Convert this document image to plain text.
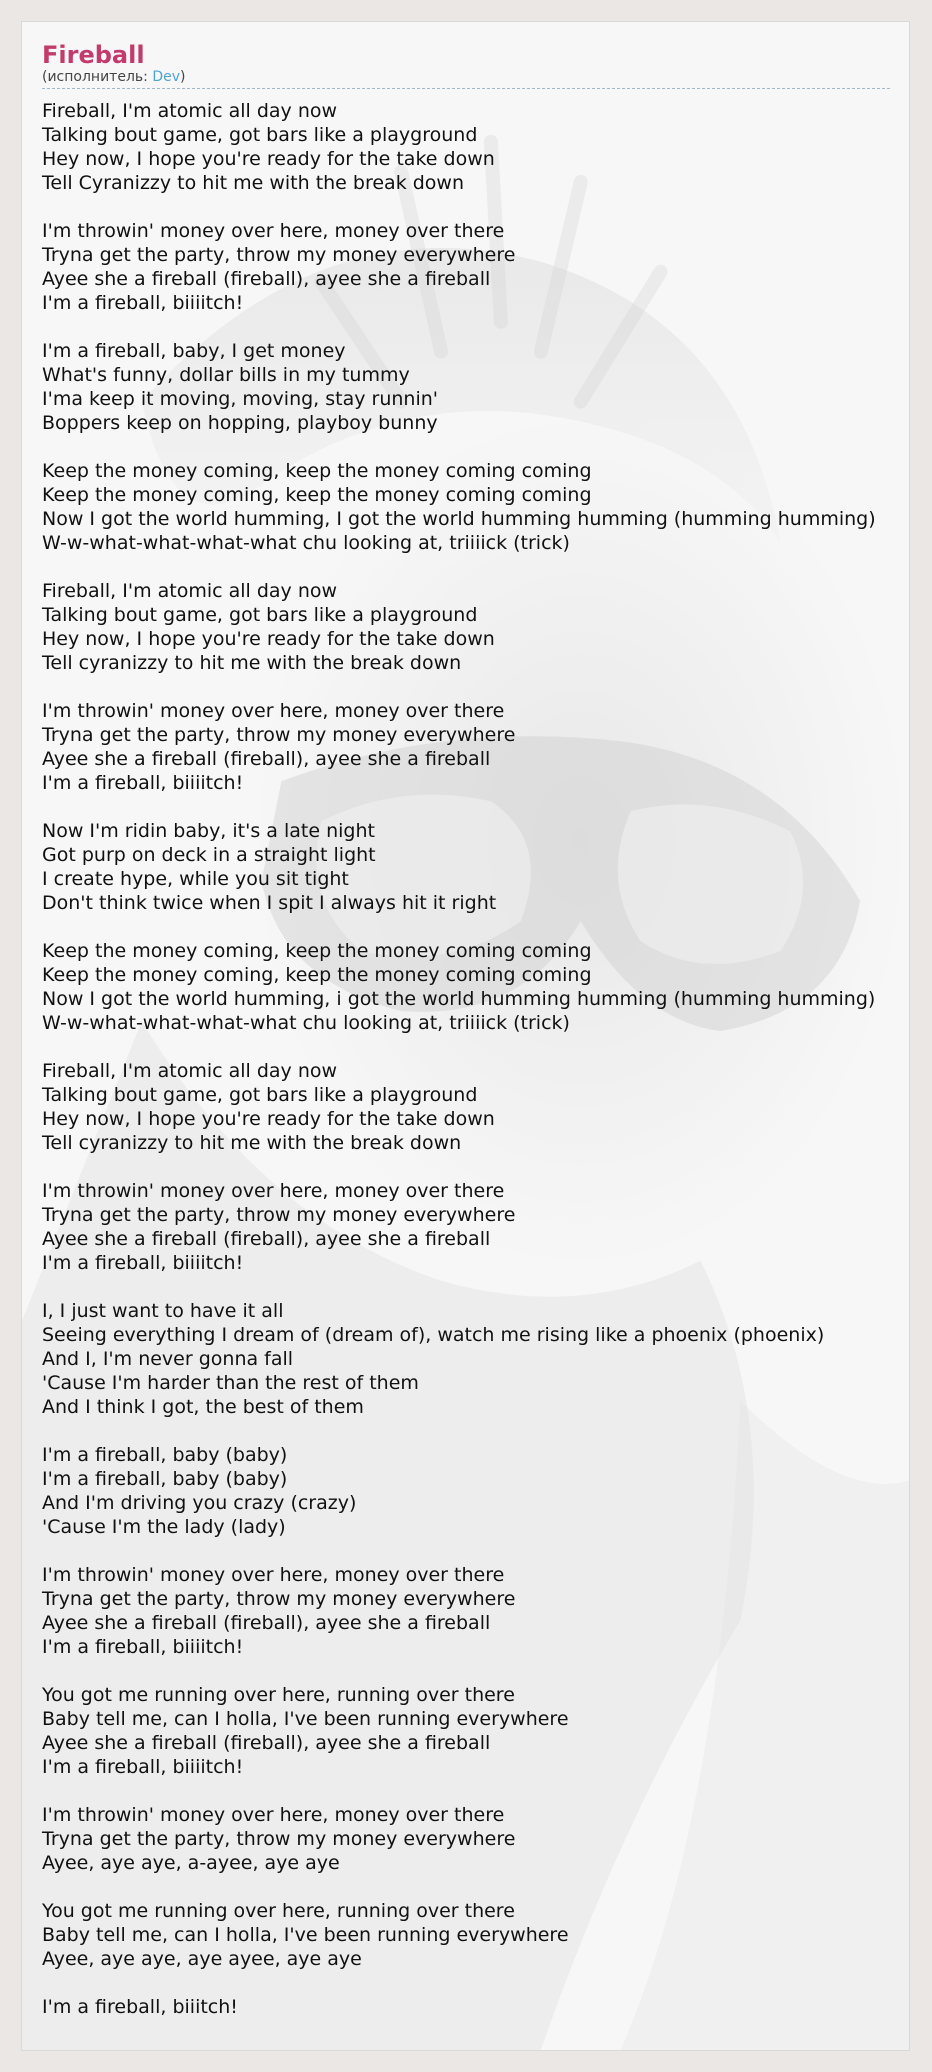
Fireball
(исполнитель: Dev)
Fireball, I'm atomic all day now
Talking bout game, got bars like a playground
Hey now, I hope you're ready for the take down
Tell Cyranizzy to hit me with the break down
I'm throwin' money over here, money over there
Tryna get the party, throw my money everywhere
Ayee she a fireball (fireball), ayee she a fireball
I'm a fireball, biiiitch!
I'm a fireball, baby, I get money
What's funny, dollar bills in my tummy
I'ma keep it moving, moving, stay runnin'
Boppers keep on hopping, playboy bunny
Keep the money coming, keep the money coming coming
Keep the money coming, keep the money coming coming
Now I got the world humming, I got the world humming humming (humming humming)
W-w-what-what-what-what chu looking at, triiiick (trick)
Fireball, I'm atomic all day now
Talking bout game, got bars like a playground
Hey now, I hope you're ready for the take down
Tell cyranizzy to hit me with the break down
I'm throwin' money over here, money over there
Tryna get the party, throw my money everywhere
Ayee she a fireball (fireball), ayee she a fireball
I'm a fireball, biiiitch!
Now I'm ridin baby, it's a late night
Got purp on deck in a straight light
I create hype, while you sit tight
Don't think twice when I spit I always hit it right
Keep the money coming, keep the money coming coming
Keep the money coming, keep the money coming coming
Now I got the world humming, i got the world humming humming (humming humming)
W-w-what-what-what-what chu looking at, triiiick (trick)
Fireball, I'm atomic all day now
Talking bout game, got bars like a playground
Hey now, I hope you're ready for the take down
Tell cyranizzy to hit me with the break down
I'm throwin' money over here, money over there
Tryna get the party, throw my money everywhere
Ayee she a fireball (fireball), ayee she a fireball
I'm a fireball, biiiitch!
I, I just want to have it all
Seeing everything I dream of (dream of), watch me rising like a phoenix (phoenix)
And I, I'm never gonna fall
'Cause I'm harder than the rest of them
And I think I got, the best of them
I'm a fireball, baby (baby)
I'm a fireball, baby (baby)
And I'm driving you crazy (crazy)
'Cause I'm the lady (lady)
I'm throwin' money over here, money over there
Tryna get the party, throw my money everywhere
Ayee she a fireball (fireball), ayee she a fireball
I'm a fireball, biiiitch!
You got me running over here, running over there
Baby tell me, can I holla, I've been running everywhere
Ayee she a fireball (fireball), ayee she a fireball
I'm a fireball, biiiitch!
I'm throwin' money over here, money over there
Tryna get the party, throw my money everywhere
Ayee, aye aye, a-ayee, aye aye
You got me running over here, running over there
Baby tell me, can I holla, I've been running everywhere
Ayee, aye aye, aye ayee, aye aye
I'm a fireball, biiitch!
